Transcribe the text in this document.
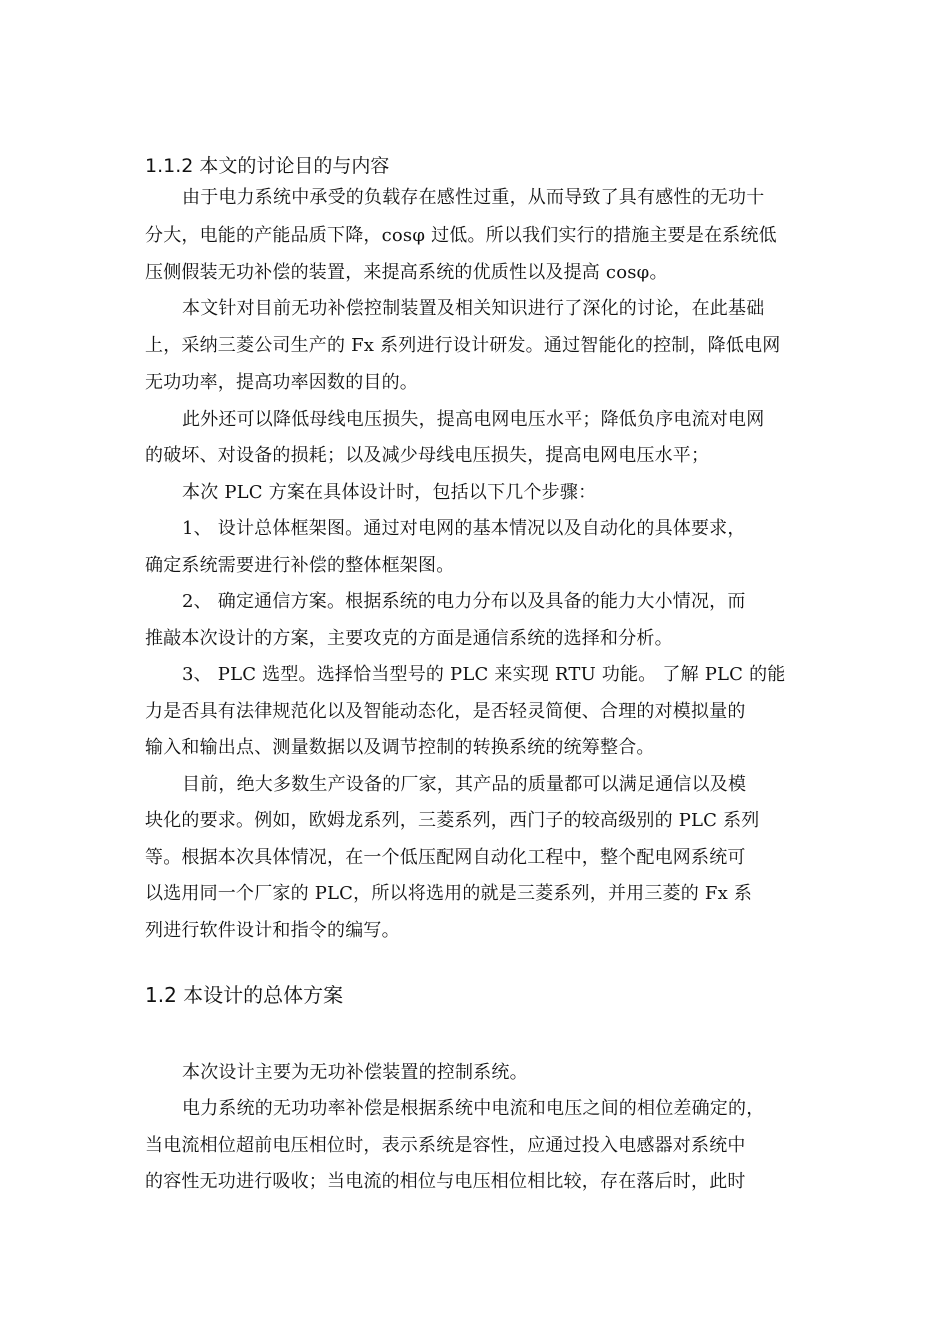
1.1.2 本文的讨论目的与内容
由于电力系统中承受的负载存在感性过重，从而导致了具有感性的无功十
分大，电能的产能品质下降，cosφ 过低。所以我们实行的措施主要是在系统低
压侧假装无功补偿的装置，来提高系统的优质性以及提高 cosφ。
本文针对目前无功补偿控制装置及相关知识进行了深化的讨论，在此基础
上，采纳三菱公司生产的 Fx 系列进行设计研发。通过智能化的控制，降低电网
无功功率，提高功率因数的目的。
此外还可以降低母线电压损失，提高电网电压水平；降低负序电流对电网
的破坏、对设备的损耗；以及减少母线电压损失，提高电网电压水平；
本次 PLC 方案在具体设计时，包括以下几个步骤：
1、 设计总体框架图。通过对电网的基本情况以及自动化的具体要求，
确定系统需要进行补偿的整体框架图。
2、 确定通信方案。根据系统的电力分布以及具备的能力大小情况，而
推敲本次设计的方案，主要攻克的方面是通信系统的选择和分析。
3、 PLC 选型。选择恰当型号的 PLC 来实现 RTU 功能。 了解 PLC 的能
力是否具有法律规范化以及智能动态化，是否轻灵简便、合理的对模拟量的
输入和输出点、测量数据以及调节控制的转换系统的统筹整合。
目前，绝大多数生产设备的厂家，其产品的质量都可以满足通信以及模
块化的要求。例如，欧姆龙系列，三菱系列，西门子的较高级别的 PLC 系列
等。根据本次具体情况，在一个低压配网自动化工程中，整个配电网系统可
以选用同一个厂家的 PLC，所以将选用的就是三菱系列，并用三菱的 Fx 系
列进行软件设计和指令的编写。
1.2 本设计的总体方案
本次设计主要为无功补偿装置的控制系统。
电力系统的无功功率补偿是根据系统中电流和电压之间的相位差确定的，
当电流相位超前电压相位时，表示系统是容性，应通过投入电感器对系统中
的容性无功进行吸收；当电流的相位与电压相位相比较，存在落后时，此时
